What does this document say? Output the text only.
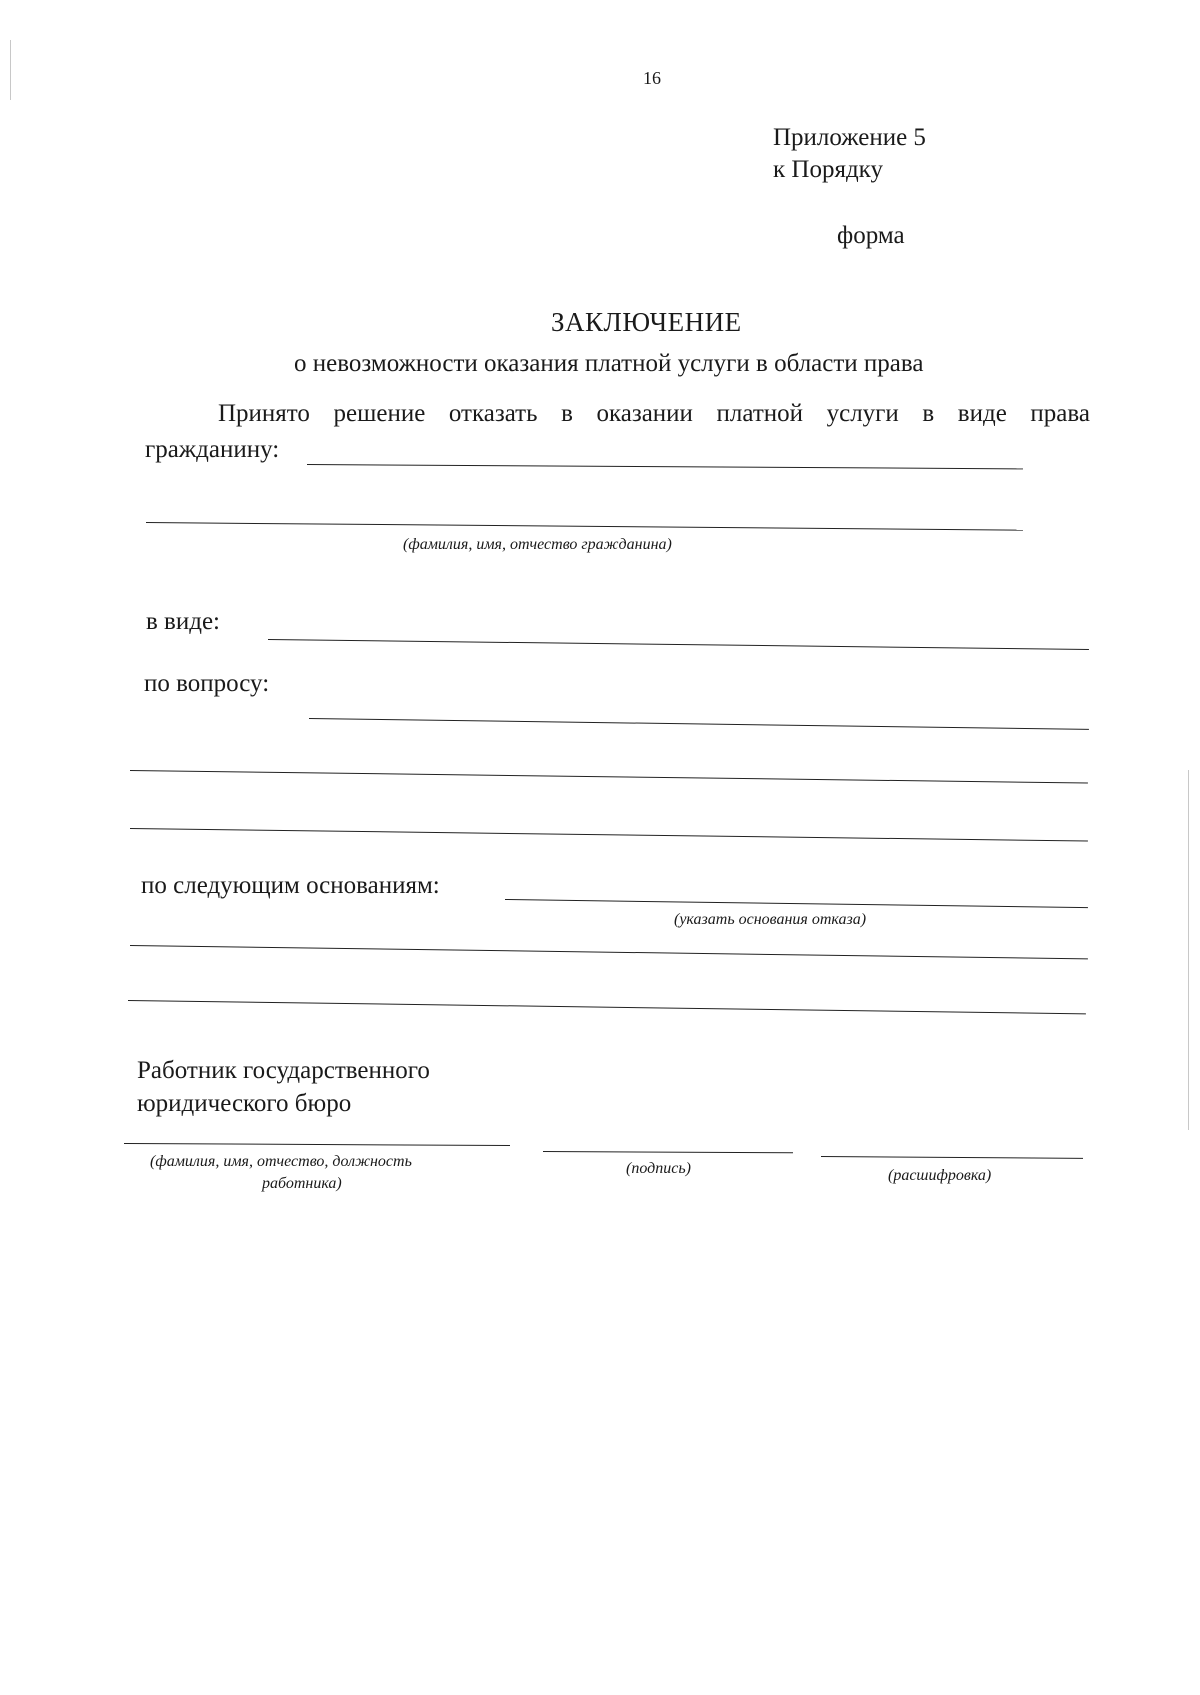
16
Приложение 5
к Порядку
форма
ЗАКЛЮЧЕНИЕ
о невозможности оказания платной услуги в области права
Принято решение отказать в оказании платной услуги в виде права
гражданину:
(фамилия, имя, отчество гражданина)
в виде:
по вопросу:
по следующим основаниям:
(указать основания отказа)
Работник государственного
юридического бюро
(фамилия, имя, отчество, должность
работника)
(подпись)	(расшифровка)
